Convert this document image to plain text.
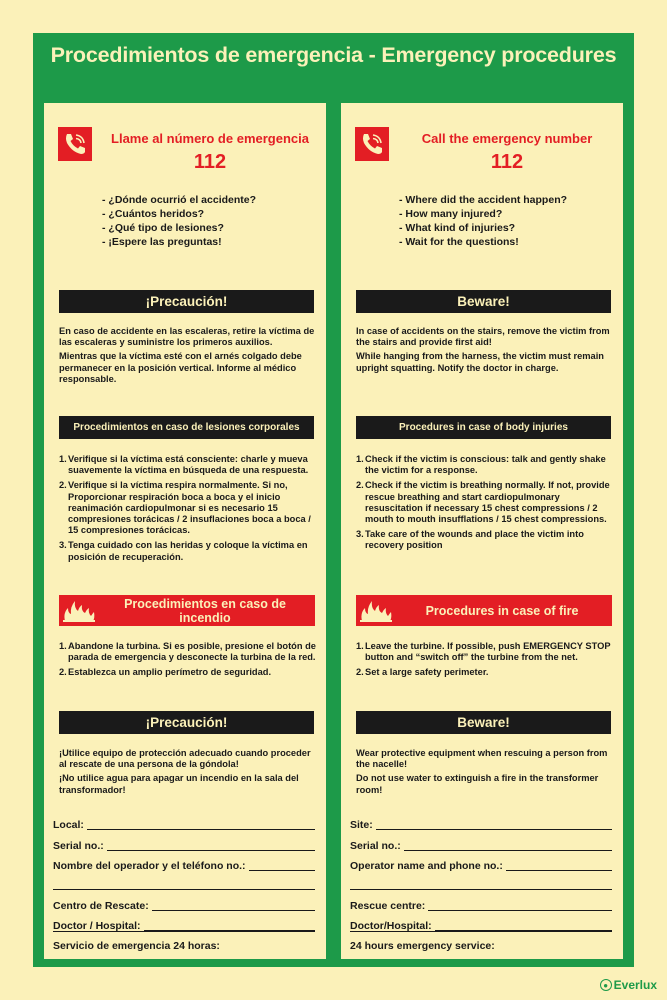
Procedimientos de emergencia - Emergency procedures
Llame al número de emergencia
112
- ¿Dónde ocurrió el accidente?
- ¿Cuántos heridos?
- ¿Qué tipo de lesiones?
- ¡Espere las preguntas!
¡Precaución!

En caso de accidente en las escaleras, retire la víctima de las escaleras y suministre los primeros auxilios.

Mientras que la víctima esté con el arnés colgado debe permanecer en la posición vertical. Informe al médico responsable.

Procedimientos en caso de lesiones corporales
1. Verifique si la víctima está consciente: charle y mueva suavemente la víctima en búsqueda de una respuesta.
2. Verifique si la víctima respira normalmente. Si no, Proporcionar respiración boca a boca y el inicio reanimación cardiopulmonar si es necesario 15 compresiones torácicas / 2 insuflaciones boca a boca / 15 compresiones torácicas.
3. Tenga cuidado con las heridas y coloque la víctima en posición de recuperación.
Procedimientos en caso de incendio
1. Abandone la turbina. Si es posible, presione el botón de parada de emergencia y desconecte la turbina de la red.
2. Establezca un amplio perímetro de seguridad.
¡Precaución!

¡Utilice equipo de protección adecuado cuando proceder al rescate de una persona de la góndola!

¡No utilice agua para apagar un incendio en la sala del transformador!

Local:
Serial no.:
Nombre del operador y el teléfono no.:
Centro de Rescate:
Doctor / Hospital:
Servicio de emergencia 24 horas:
Call the emergency number
112
- Where did the accident happen?
- How many injured?
- What kind of injuries?
- Wait for the questions!
Beware!

In case of accidents on the stairs, remove the victim from the stairs and provide first aid!

While hanging from the harness, the victim must remain upright squatting. Notify the doctor in charge.

Procedures in case of body injuries
1. Check if the victim is conscious: talk and gently shake the victim for a response.
2. Check if the victim is breathing normally. If not, provide rescue breathing and start cardiopulmonary resuscitation if necessary 15 chest compressions / 2 mouth to mouth insufflations / 15 chest compressions.
3. Take care of the wounds and place the victim into recovery position
Procedures in case of fire
1. Leave the turbine. If possible, push EMERGENCY STOP button and “switch off” the turbine from the net.
2. Set a large safety perimeter.
Beware!

Wear protective equipment when rescuing a person from the nacelle!

Do not use water to extinguish a fire in the transformer room!

Site:
Serial no.:
Operator name and phone no.:
Rescue centre:
Doctor/Hospital:
24 hours emergency service:
● Everlux
